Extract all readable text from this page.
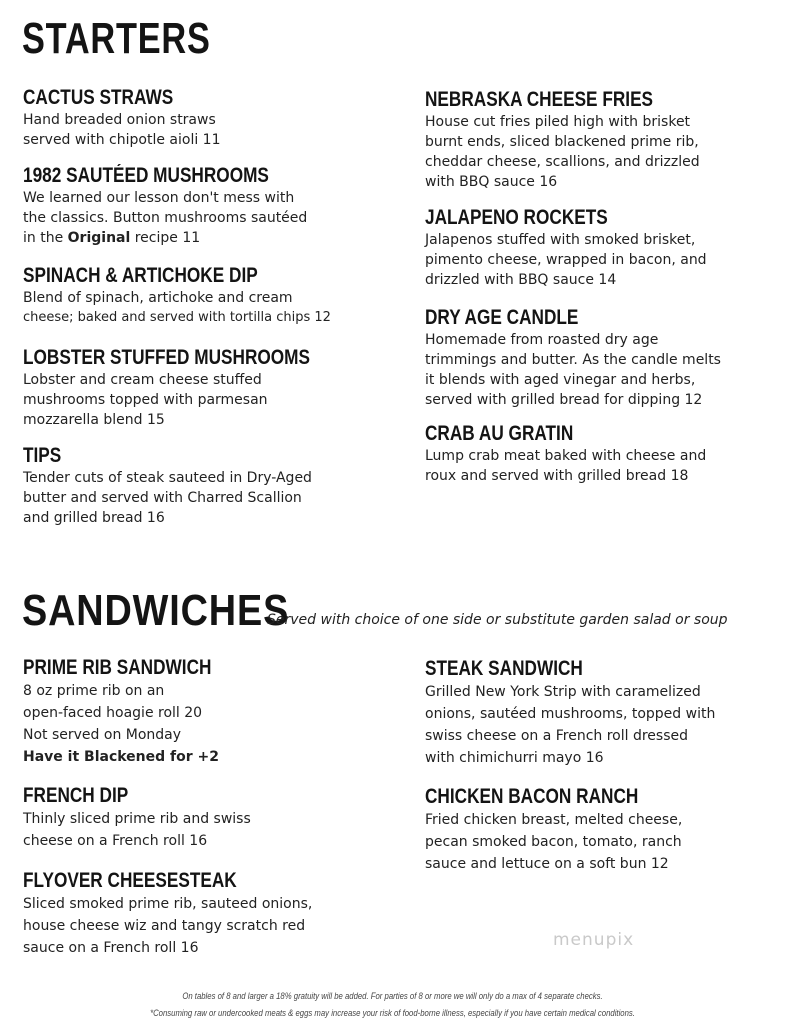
STARTERS

CACTUS STRAWS

Hand breaded onion straws

served with chipotle aioli 11

1982 SAUTÉED MUSHROOMS

We learned our lesson don't mess with

the classics. Button mushrooms sautéed

in the Original recipe 11

SPINACH & ARTICHOKE DIP

Blend of spinach, artichoke and cream

cheese; baked and served with tortilla chips 12

LOBSTER STUFFED MUSHROOMS

Lobster and cream cheese stuffed

mushrooms topped with parmesan

mozzarella blend 15

TIPS

Tender cuts of steak sauteed in Dry-Aged

butter and served with Charred Scallion

and grilled bread 16

NEBRASKA CHEESE FRIES

House cut fries piled high with brisket

burnt ends, sliced blackened prime rib,

cheddar cheese, scallions, and drizzled

with BBQ sauce 16

JALAPENO ROCKETS

Jalapenos stuffed with smoked brisket,

pimento cheese, wrapped in bacon, and

drizzled with BBQ sauce 14

DRY AGE CANDLE

Homemade from roasted dry age

trimmings and butter. As the candle melts

it blends with aged vinegar and herbs,

served with grilled bread for dipping 12

CRAB AU GRATIN

Lump crab meat baked with cheese and

roux and served with grilled bread 18

SANDWICHES
Served with choice of one side or substitute garden salad or soup

PRIME RIB SANDWICH

8 oz prime rib on an

open-faced hoagie roll 20

Not served on Monday

Have it Blackened for +2

FRENCH DIP

Thinly sliced prime rib and swiss

cheese on a French roll 16

FLYOVER CHEESESTEAK

Sliced smoked prime rib, sauteed onions,

house cheese wiz and tangy scratch red

sauce on a French roll 16

STEAK SANDWICH

Grilled New York Strip with caramelized

onions, sautéed mushrooms, topped with

swiss cheese on a French roll dressed

with chimichurri mayo 16

CHICKEN BACON RANCH

Fried chicken breast, melted cheese,

pecan smoked bacon, tomato, ranch

sauce and lettuce on a soft bun 12

menupix
On tables of 8 and larger a 18% gratuity will be added. For parties of 8 or more we will only do a max of 4 separate checks.
*Consuming raw or undercooked meats & eggs may increase your risk of food-borne illness, especially if you have certain medical conditions.
